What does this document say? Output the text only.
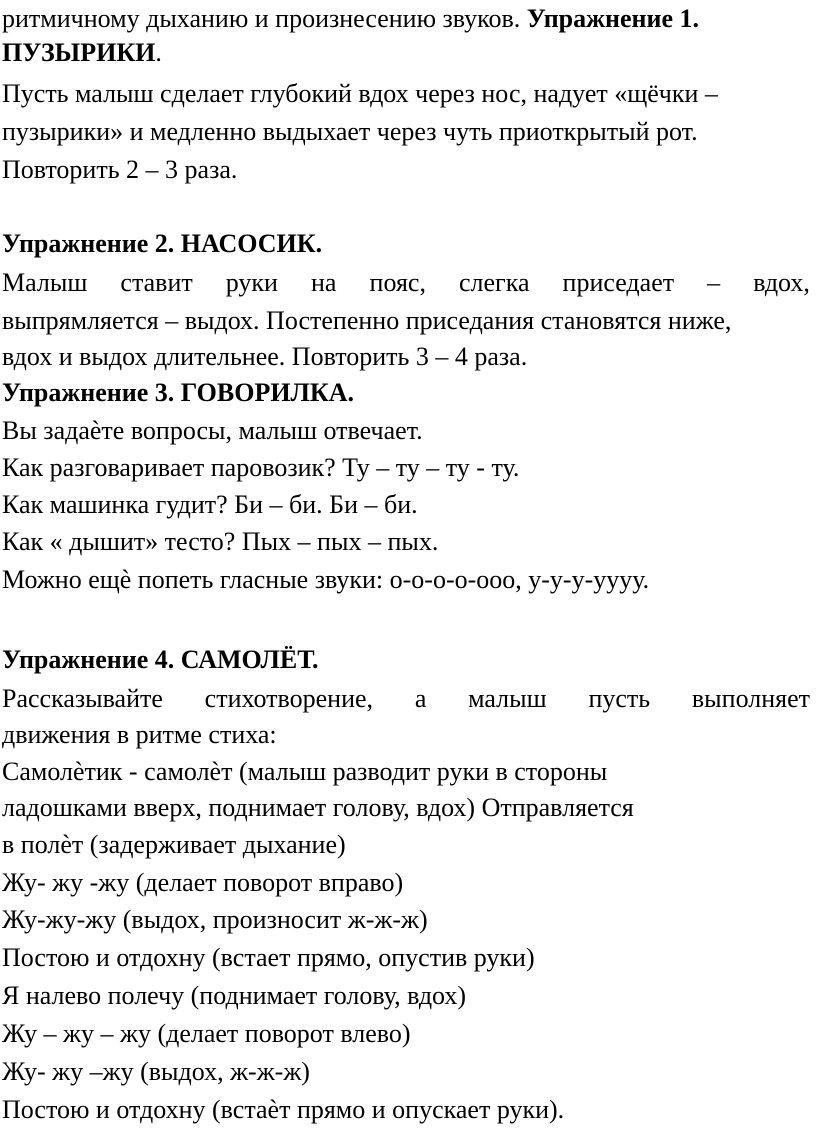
ритмичному дыханию и произнесению звуков. Упражнение 1.
ПУЗЫРИКИ.
Пусть малыш сделает глубокий вдох через нос, надует «щёчки –
пузырики» и медленно выдыхает через чуть приоткрытый рот.
Повторить 2 – 3 раза.
Упражнение 2. НАСОСИК.
Малыш ставит руки на пояс, слегка приседает – вдох,
выпрямляется – выдох. Постепенно приседания становятся ниже,
вдох и выдох длительнее. Повторить 3 – 4 раза.
Упражнение 3. ГОВОРИЛКА.
Вы задаѐте вопросы, малыш отвечает.
Как разговаривает паровозик? Ту – ту – ту - ту.
Как машинка гудит? Би – би. Би – би.
Как « дышит» тесто? Пых – пых – пых.
Можно ещѐ попеть гласные звуки: о-о-о-о-ооо, у-у-у-уууу.
Упражнение 4. САМОЛЁТ.
Рассказывайте стихотворение, а малыш пусть выполняет
движения в ритме стиха:
Самолѐтик - самолѐт (малыш разводит руки в стороны
ладошками вверх, поднимает голову, вдох) Отправляется
в полѐт (задерживает дыхание)
Жу- жу -жу (делает поворот вправо)
Жу-жу-жу (выдох, произносит ж-ж-ж)
Постою и отдохну (встает прямо, опустив руки)
Я налево полечу (поднимает голову, вдох)
Жу – жу – жу (делает поворот влево)
Жу- жу –жу (выдох, ж-ж-ж)
Постою и отдохну (встаѐт прямо и опускает руки).
